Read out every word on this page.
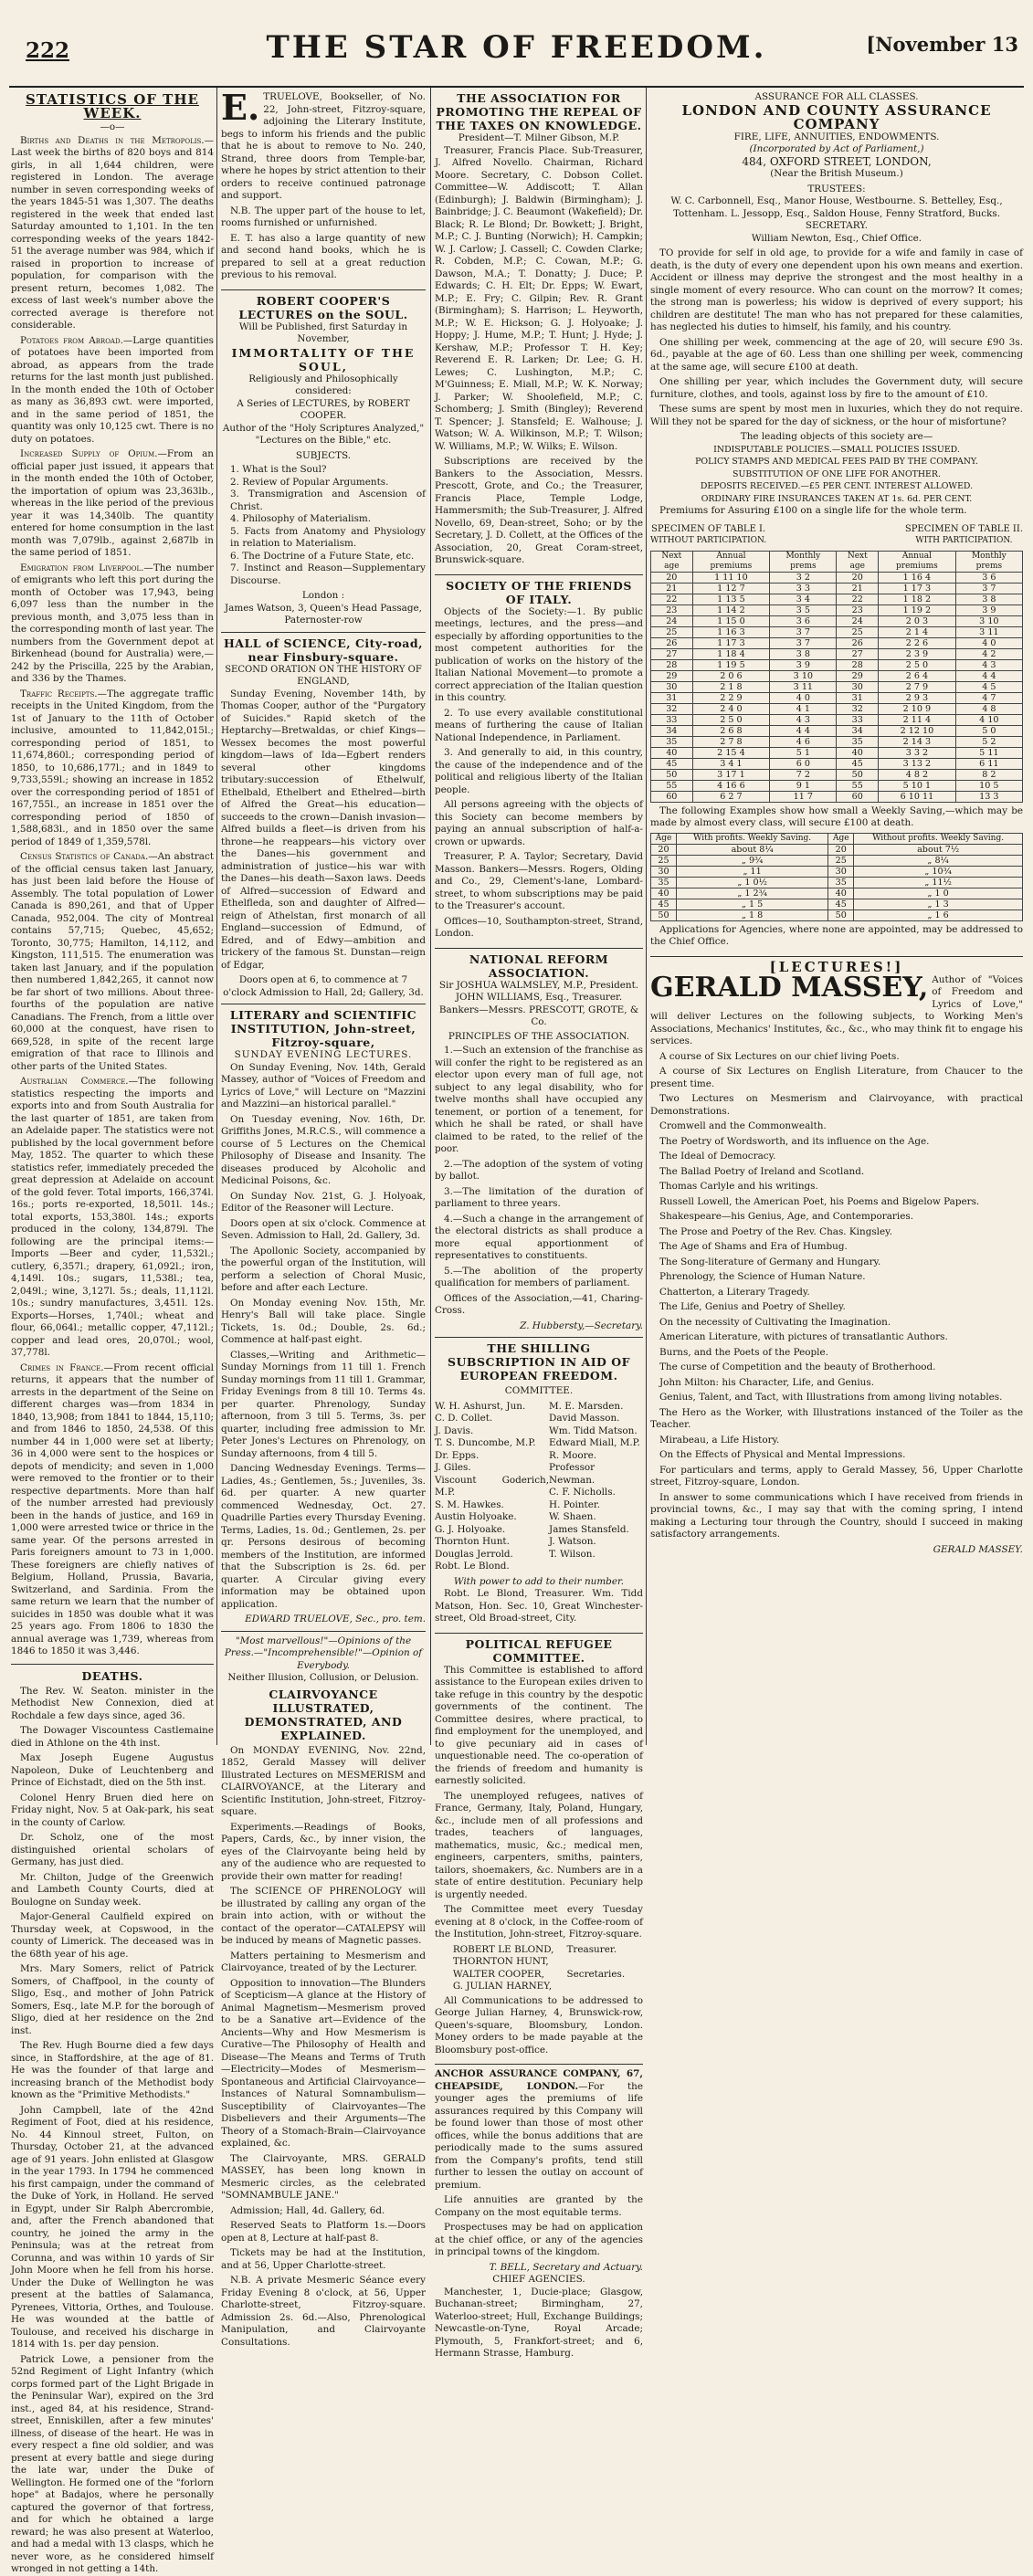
222	THE STAR OF FREEDOM.	[November 13
STATISTICS OF THE WEEK.
—o—

Births and Deaths in the Metropolis.—Last week the births of 820 boys and 814 girls, in all 1,644 children, were registered in London. The average number in seven corresponding weeks of the years 1845-51 was 1,307. The deaths registered in the week that ended last Saturday amounted to 1,101. In the ten corresponding weeks of the years 1842-51 the average number was 984, which if raised in proportion to increase of population, for comparison with the present return, becomes 1,082. The excess of last week's number above the corrected average is therefore not considerable.

Potatoes from Abroad.—Large quantities of potatoes have been imported from abroad, as appears from the trade returns for the last month just published. In the month ended the 10th of October as many as 36,893 cwt. were imported, and in the same period of 1851, the quantity was only 10,125 cwt. There is no duty on potatoes.

Increased Supply of Opium.—From an official paper just issued, it appears that in the month ended the 10th of October, the importation of opium was 23,363lb., whereas in the like period of the previous year it was 14,340lb. The quantity entered for home consumption in the last month was 7,079lb., against 2,687lb in the same period of 1851.

Emigration from Liverpool.—The number of emigrants who left this port during the month of October was 17,943, being 6,097 less than the number in the previous month, and 3,075 less than in the corresponding month of last year. The numbers from the Government depot at Birkenhead (bound for Australia) were,—242 by the Priscilla, 225 by the Arabian, and 336 by the Thames.

Traffic Receipts.—The aggregate traffic receipts in the United Kingdom, from the 1st of January to the 11th of October inclusive, amounted to 11,842,015l.; corresponding period of 1851, to 11,674,860l.; corresponding period of 1850, to 10,686,177l.; and in 1849 to 9,733,559l.; showing an increase in 1852 over the corresponding period of 1851 of 167,755l., an increase in 1851 over the corresponding period of 1850 of 1,588,683l., and in 1850 over the same period of 1849 of 1,359,578l.

Census Statistics of Canada.—An abstract of the official census taken last January, has just been laid before the House of Assembly. The total population of Lower Canada is 890,261, and that of Upper Canada, 952,004. The city of Montreal contains 57,715; Quebec, 45,652; Toronto, 30,775; Hamilton, 14,112, and Kingston, 111,515. The enumeration was taken last January, and if the population then numbered 1,842,265, it cannot now be far short of two millions. About three-fourths of the population are native Canadians. The French, from a little over 60,000 at the conquest, have risen to 669,528, in spite of the recent large emigration of that race to Illinois and other parts of the United States.

Australian Commerce.—The following statistics respecting the imports and exports into and from South Australia for the last quarter of 1851, are taken from an Adelaide paper. The statistics were not published by the local government before May, 1852. The quarter to which these statistics refer, immediately preceded the great depression at Adelaide on account of the gold fever. Total imports, 166,374l. 16s.; ports re-exported, 18,501l. 14s.; total exports, 153,380l. 14s.; exports produced in the colony, 134,879l. The following are the principal items:—Imports —Beer and cyder, 11,532l.; cutlery, 6,357l.; drapery, 61,092l.; iron, 4,149l. 10s.; sugars, 11,538l.; tea, 2,049l.; wine, 3,127l. 5s.; deals, 11,112l. 10s.; sundry manufactures, 3,451l. 12s. Exports—Horses, 1,740l.; wheat and flour, 66,064l.; metallic copper, 47,112l.; copper and lead ores, 20,070l.; wool, 37,778l.

Crimes in France.—From recent official returns, it appears that the number of arrests in the department of the Seine on different charges was—from 1834 in 1840, 13,908; from 1841 to 1844, 15,110; and from 1846 to 1850, 24,538. Of this number 44 in 1,000 were set at liberty; 36 in 4,000 were sent to the hospices or depots of mendicity; and seven in 1,000 were removed to the frontier or to their respective departments. More than half of the number arrested had previously been in the hands of justice, and 169 in 1,000 were arrested twice or thrice in the same year. Of the persons arrested in Paris foreigners amount to 73 in 1,000. These foreigners are chiefly natives of Belgium, Holland, Prussia, Bavaria, Switzerland, and Sardinia. From the same return we learn that the number of suicides in 1850 was double what it was 25 years ago. From 1806 to 1830 the annual average was 1,739, whereas from 1846 to 1850 it was 3,446.

DEATHS.

The Rev. W. Seaton. minister in the Methodist New Connexion, died at Rochdale a few days since, aged 36.

The Dowager Viscountess Castlemaine died in Athlone on the 4th inst.

Max Joseph Eugene Augustus Napoleon, Duke of Leuchtenberg and Prince of Eichstadt, died on the 5th inst.

Colonel Henry Bruen died here on Friday night, Nov. 5 at Oak-park, his seat in the county of Carlow.

Dr. Scholz, one of the most distinguished oriental scholars of Germany, has just died.

Mr. Chilton, Judge of the Greenwich and Lambeth County Courts, died at Boulogne on Sunday week.

Major-General Caulfield expired on Thursday week, at Copswood, in the county of Limerick. The deceased was in the 68th year of his age.

Mrs. Mary Somers, relict of Patrick Somers, of Chaffpool, in the county of Sligo, Esq., and mother of John Patrick Somers, Esq., late M.P. for the borough of Sligo, died at her residence on the 2nd inst.

The Rev. Hugh Bourne died a few days since, in Staffordshire, at the age of 81. He was the founder of that large and increasing branch of the Methodist body known as the "Primitive Methodists."

John Campbell, late of the 42nd Regiment of Foot, died at his residence, No. 44 Kinnoul street, Fulton, on Thursday, October 21, at the advanced age of 91 years. John enlisted at Glasgow in the year 1793. In 1794 he commenced his first campaign, under the command of the Duke of York, in Holland. He served in Egypt, under Sir Ralph Abercrombie, and, after the French abandoned that country, he joined the army in the Peninsula; was at the retreat from Corunna, and was within 10 yards of Sir John Moore when he fell from his horse. Under the Duke of Wellington he was present at the battles of Salamanca, Pyrenees, Vittoria, Orthes, and Toulouse. He was wounded at the battle of Toulouse, and received his discharge in 1814 with 1s. per day pension.

Patrick Lowe, a pensioner from the 52nd Regiment of Light Infantry (which corps formed part of the Light Brigade in the Peninsular War), expired on the 3rd inst., aged 84, at his residence, Strand-street, Enniskillen, after a few minutes' illness, of disease of the heart. He was in every respect a fine old soldier, and was present at every battle and siege during the late war, under the Duke of Wellington. He formed one of the "forlorn hope" at Badajos, where he personally captured the governor of that fortress, and for which he obtained a large reward; he was also present at Waterloo, and had a medal with 13 clasps, which he never wore, as he considered himself wronged in not getting a 14th.

E. TRUELOVE, Bookseller, of No. 22, John-street, Fitzroy-square, adjoining the Literary Institute, begs to inform his friends and the public that he is about to remove to No. 240, Strand, three doors from Temple-bar, where he hopes by strict attention to their orders to receive continued patronage and support.

N.B. The upper part of the house to let, rooms furnished or unfurnished.

E. T. has also a large quantity of new and second hand books, which he is prepared to sell at a great reduction previous to his removal.

ROBERT COOPER'S LECTURES on the SOUL.
Will be Published, first Saturday in November,
IMMORTALITY OF THE SOUL,
Religiously and Philosophically considered:
A Series of LECTURES, by ROBERT COOPER.
Author of the "Holy Scriptures Analyzed," "Lectures on the Bible," etc.
SUBJECTS.
1. What is the Soul?
2. Review of Popular Arguments.
3. Transmigration and Ascension of Christ.
4. Philosophy of Materialism.
5. Facts from Anatomy and Physiology in relation to Materialism.
6. The Doctrine of a Future State, etc.
7. Instinct and Reason—Supplementary Discourse.
London :
James Watson, 3, Queen's Head Passage, Paternoster-row
HALL of SCIENCE, City-road, near Finsbury-square.
SECOND ORATION ON THE HISTORY OF ENGLAND,

Sunday Evening, November 14th, by Thomas Cooper, author of the "Purgatory of Suicides." Rapid sketch of the Heptarchy—Bretwaldas, or chief Kings—Wessex becomes the most powerful kingdom—laws of Ida—Egbert renders several other kingdoms tributary:succession of Ethelwulf, Ethelbald, Ethelbert and Ethelred—birth of Alfred the Great—his education—succeeds to the crown—Danish invasion—Alfred builds a fleet—is driven from his throne—he reappears—his victory over the Danes—his government and administration of justice—his war with the Danes—his death—Saxon laws. Deeds of Alfred—succession of Edward and Ethelfleda, son and daughter of Alfred—reign of Athelstan, first monarch of all England—succession of Edmund, of Edred, and of Edwy—ambition and trickery of the famous St. Dunstan—reign of Edgar,

Doors open at 6, to commence at 7 o'clock Admission to Hall, 2d; Gallery, 3d.
LITERARY and SCIENTIFIC INSTITUTION, John-street, Fitzroy-square,
SUNDAY EVENING LECTURES.

On Sunday Evening, Nov. 14th, Gerald Massey, author of "Voices of Freedom and Lyrics of Love," will Lecture on "Mazzini and Mazzini—an historical parallel."

On Tuesday evening, Nov. 16th, Dr. Griffiths Jones, M.R.C.S., will commence a course of 5 Lectures on the Chemical Philosophy of Disease and Insanity. The diseases produced by Alcoholic and Medicinal Poisons, &c.

On Sunday Nov. 21st, G. J. Holyoak, Editor of the Reasoner will Lecture.

Doors open at six o'clock. Commence at Seven. Admission to Hall, 2d. Gallery, 3d.

The Apollonic Society, accompanied by the powerful organ of the Institution, will perform a selection of Choral Music, before and after each Lecture.

On Monday evening Nov. 15th, Mr. Henry's Ball will take place. Single Tickets, 1s. 0d.; Double, 2s. 6d.; Commence at half-past eight.

Classes,—Writing and Arithmetic—Sunday Mornings from 11 till 1. French Sunday mornings from 11 till 1. Grammar, Friday Evenings from 8 till 10. Terms 4s. per quarter. Phrenology, Sunday afternoon, from 3 till 5. Terms, 3s. per quarter, including free admission to Mr. Peter Jones's Lectures on Phrenology, on Sunday afternoons, from 4 till 5.

Dancing Wednesday Evenings. Terms—Ladies, 4s.; Gentlemen, 5s.; Juveniles, 3s. 6d. per quarter. A new quarter commenced Wednesday, Oct. 27. Quadrille Parties every Thursday Evening. Terms, Ladies, 1s. 0d.; Gentlemen, 2s. per qr. Persons desirous of becoming members of the Institution, are informed that the Subscription is 2s. 6d. per quarter. A Circular giving every information may be obtained upon application.

EDWARD TRUELOVE, Sec., pro. tem.
"Most marvellous!"—Opinions of the Press.—"Incomprehensible!"—Opinion of Everybody.
Neither Illusion, Collusion, or Delusion.
CLAIRVOYANCE ILLUSTRATED, DEMONSTRATED, AND EXPLAINED.

On MONDAY EVENING, Nov. 22nd, 1852, Gerald Massey will deliver Illustrated Lectures on MESMERISM and CLAIRVOYANCE, at the Literary and Scientific Institution, John-street, Fitzroy-square.

Experiments.—Readings of Books, Papers, Cards, &c., by inner vision, the eyes of the Clairvoyante being held by any of the audience who are requested to provide their own matter for reading!

The SCIENCE OF PHRENOLOGY will be illustrated by calling any organ of the brain into action, with or without the contact of the operator—CATALEPSY will be induced by means of Magnetic passes.

Matters pertaining to Mesmerism and Clairvoyance, treated of by the Lecturer.

Opposition to innovation—The Blunders of Scepticism—A glance at the History of Animal Magnetism—Mesmerism proved to be a Sanative art—Evidence of the Ancients—Why and How Mesmerism is Curative—The Philosophy of Health and Disease—The Means and Terms of Truth—Electricity—Modes of Mesmerism—Spontaneous and Artificial Clairvoyance—Instances of Natural Somnambulism—Susceptibility of Clairvoyantes—The Disbelievers and their Arguments—The Theory of a Stomach-Brain—Clairvoyance explained, &c.

The Clairvoyante, MRS. GERALD MASSEY, has been long known in Mesmeric circles, as the celebrated "SOMNAMBULE JANE."

Admission; Hall, 4d. Gallery, 6d.

Reserved Seats to Platform 1s.—Doors open at 8, Lecture at half-past 8.

Tickets may be had at the Institution, and at 56, Upper Charlotte-street.

N.B. A private Mesmeric Séance every Friday Evening 8 o'clock, at 56, Upper Charlotte-street, Fitzroy-square. Admission 2s. 6d.—Also, Phrenological Manipulation, and Clairvoyante Consultations.

THE ASSOCIATION FOR PROMOTING THE REPEAL OF THE TAXES ON KNOWLEDGE.
President—T. Milner Gibson, M.P.

Treasurer, Francis Place. Sub-Treasurer, J. Alfred Novello. Chairman, Richard Moore. Secretary, C. Dobson Collet. Committee—W. Addiscott; T. Allan (Edinburgh); J. Baldwin (Birmingham); J. Bainbridge; J. C. Beaumont (Wakefield); Dr. Black; R. Le Blond; Dr. Bowkett; J. Bright, M.P.; C. J. Bunting (Norwich); H. Campkin; W. J. Carlow; J. Cassell; C. Cowden Clarke; R. Cobden, M.P.; C. Cowan, M.P.; G. Dawson, M.A.; T. Donatty; J. Duce; P. Edwards; C. H. Elt; Dr. Epps; W. Ewart, M.P.; E. Fry; C. Gilpin; Rev. R. Grant (Birmingham); S. Harrison; L. Heyworth, M.P.; W. E. Hickson; G. J. Holyoake; J. Hoppy; J. Hume, M.P.; T. Hunt; J. Hyde; J. Kershaw, M.P.; Professor T. H. Key; Reverend E. R. Larken; Dr. Lee; G. H. Lewes; C. Lushington, M.P.; C. M'Guinness; E. Miall, M.P.; W. K. Norway; J. Parker; W. Shoolefield, M.P.; C. Schomberg; J. Smith (Bingley); Reverend T. Spencer; J. Stansfeld; E. Walhouse; J. Watson; W. A. Wilkinson, M.P.; T. Wilson; W. Williams, M.P.; W. Wilks; E. Wilson.

Subscriptions are received by the Bankers to the Association, Messrs. Prescott, Grote, and Co.; the Treasurer, Francis Place, Temple Lodge, Hammersmith; the Sub-Treasurer, J. Alfred Novello, 69, Dean-street, Soho; or by the Secretary, J. D. Collett, at the Offices of the Association, 20, Great Coram-street, Brunswick-square.

SOCIETY OF THE FRIENDS OF ITALY.

Objects of the Society:—1. By public meetings, lectures, and the press—and especially by affording opportunities to the most competent authorities for the publication of works on the history of the Italian National Movement—to promote a correct appreciation of the Italian question in this country.

2. To use every available constitutional means of furthering the cause of Italian National Independence, in Parliament.

3. And generally to aid, in this country, the cause of the independence and of the political and religious liberty of the Italian people.

All persons agreeing with the objects of this Society can become members by paying an annual subscription of half-a-crown or upwards.

Treasurer, P. A. Taylor; Secretary, David Masson. Bankers—Messrs. Rogers, Olding and Co., 29, Clement's-lane, Lombard-street, to whom subscriptions may be paid to the Treasurer's account.

Offices—10, Southampton-street, Strand, London.

NATIONAL REFORM ASSOCIATION.
Sir JOSHUA WALMSLEY, M.P., President.
JOHN WILLIAMS, Esq., Treasurer.
Bankers—Messrs. PRESCOTT, GROTE, & Co.
PRINCIPLES OF THE ASSOCIATION.

1.—Such an extension of the franchise as will confer the right to be registered as an elector upon every man of full age, not subject to any legal disability, who for twelve months shall have occupied any tenement, or portion of a tenement, for which he shall be rated, or shall have claimed to be rated, to the relief of the poor.

2.—The adoption of the system of voting by ballot.

3.—The limitation of the duration of parliament to three years.

4.—Such a change in the arrangement of the electoral districts as shall produce a more equal apportionment of representatives to constituents.

5.—The abolition of the property qualification for members of parliament.

Offices of the Association,—41, Charing-Cross.

Z. Hubbersty,—Secretary.
THE SHILLING SUBSCRIPTION IN AID OF EUROPEAN FREEDOM.
COMMITTEE.
W. H. Ashurst, Jun.
C. D. Collet.
J. Davis.
T. S. Duncombe, M.P.
Dr. Epps.
J. Giles.
Viscount Goderich, M.P.
S. M. Hawkes.
Austin Holyoake.
G. J. Holyoake.
Thornton Hunt.
Douglas Jerrold.
Robt. Le Blond.
M. E. Marsden.
David Masson.
Wm. Tidd Matson.
Edward Miall, M.P.
R. Moore.
Professor Newman.
C. F. Nicholls.
H. Pointer.
W. Shaen.
James Stansfeld.
J. Watson.
T. Wilson.
With power to add to their number.

Robt. Le Blond, Treasurer. Wm. Tidd Matson, Hon. Sec. 10, Great Winchester-street, Old Broad-street, City.

POLITICAL REFUGEE COMMITTEE.

This Committee is established to afford assistance to the European exiles driven to take refuge in this country by the despotic governments of the continent. The Committee desires, where practical, to find employment for the unemployed, and to give pecuniary aid in cases of unquestionable need. The co-operation of the friends of freedom and humanity is earnestly solicited.

The unemployed refugees, natives of France, Germany, Italy, Poland, Hungary, &c., include men of all professions and trades, teachers of languages, mathematics, music, &c.; medical men, engineers, carpenters, smiths, painters, tailors, shoemakers, &c. Numbers are in a state of entire destitution. Pecuniary help is urgently needed.

The Committee meet every Tuesday evening at 8 o'clock, in the Coffee-room of the Institution, John-street, Fitzroy-square.

ROBERT LE BLOND,
THORNTON HUNT,
WALTER COOPER,
G. JULIAN HARNEY,
Treasurer.
Secretaries.

All Communications to be addressed to George Julian Harney, 4, Brunswick-row, Queen's-square, Bloomsbury, London. Money orders to be made payable at the Bloomsbury post-office.

ANCHOR ASSURANCE COMPANY, 67, CHEAPSIDE, LONDON.—For the younger ages the premiums of life assurances required by this Company will be found lower than those of most other offices, while the bonus additions that are periodically made to the sums assured from the Company's profits, tend still further to lessen the outlay on account of premium.

Life annuities are granted by the Company on the most equitable terms.

Prospectuses may be had on application at the chief office, or any of the agencies in principal towns of the kingdom.

T. BELL, Secretary and Actuary.
CHIEF AGENCIES.

Manchester, 1, Ducie-place; Glasgow, Buchanan-street; Birmingham, 27, Waterloo-street; Hull, Exchange Buildings; Newcastle-on-Tyne, Royal Arcade; Plymouth, 5, Frankfort-street; and 6, Hermann Strasse, Hamburg.

ASSURANCE FOR ALL CLASSES.
LONDON AND COUNTY ASSURANCE COMPANY
FIRE, LIFE, ANNUITIES, ENDOWMENTS.
(Incorporated by Act of Parliament,)
484, OXFORD STREET, LONDON,
(Near the British Museum.)
TRUSTEES:
W. C. Carbonnell, Esq., Manor House, Westbourne. S. Bettelley, Esq., Tottenham. L. Jessopp, Esq., Saldon House, Fenny Stratford, Bucks.
SECRETARY.
William Newton, Esq., Chief Office.

TO provide for self in old age, to provide for a wife and family in case of death, is the duty of every one dependent upon his own means and exertion. Accident or illness may deprive the strongest and the most healthy in a single moment of every resource. Who can count on the morrow? It comes; the strong man is powerless; his widow is deprived of every support; his children are destitute! The man who has not prepared for these calamities, has neglected his duties to himself, his family, and his country.

One shilling per week, commencing at the age of 20, will secure £90 3s. 6d., payable at the age of 60. Less than one shilling per week, commencing at the same age, will secure £100 at death.

One shilling per year, which includes the Government duty, will secure furniture, clothes, and tools, against loss by fire to the amount of £10.

These sums are spent by most men in luxuries, which they do not require. Will they not be spared for the day of sickness, or the hour of misfortune?

The leading objects of this society are—
INDISPUTABLE POLICIES.—SMALL POLICIES ISSUED.
POLICY STAMPS AND MEDICAL FEES PAID BY THE COMPANY.
SUBSTITUTION OF ONE LIFE FOR ANOTHER.
DEPOSITS RECEIVED.—£5 PER CENT. INTEREST ALLOWED.
ORDINARY FIRE INSURANCES TAKEN AT 1s. 6d. PER CENT.

Premiums for Assuring £100 on a single life for the whole term.

SPECIMEN OF TABLE I.
WITHOUT PARTICIPATION.
SPECIMEN OF TABLE II.
WITH PARTICIPATION.
Next age	Annual premiums	Monthly prems	Next age	Annual premiums	Monthly prems
20	1 11 10	3 2	20	1 16 4	3 6
21	1 12 7	3 3	21	1 17 3	3 7
22	1 13 5	3 4	22	1 18 2	3 8
23	1 14 2	3 5	23	1 19 2	3 9
24	1 15 0	3 6	24	2 0 3	3 10
25	1 16 3	3 7	25	2 1 4	3 11
26	1 17 3	3 7	26	2 2 6	4 0
27	1 18 4	3 8	27	2 3 9	4 2
28	1 19 5	3 9	28	2 5 0	4 3
29	2 0 6	3 10	29	2 6 4	4 4
30	2 1 8	3 11	30	2 7 9	4 5
31	2 2 9	4 0	31	2 9 3	4 7
32	2 4 0	4 1	32	2 10 9	4 8
33	2 5 0	4 3	33	2 11 4	4 10
34	2 6 8	4 4	34	2 12 10	5 0
35	2 7 8	4 6	35	2 14 3	5 2
40	2 15 4	5 1	40	3 3 2	5 11
45	3 4 1	6 0	45	3 13 2	6 11
50	3 17 1	7 2	50	4 8 2	8 2
55	4 16 6	9 1	55	5 10 1	10 5
60	6 2 7	11 7	60	6 10 11	13 3

The following Examples show how small a Weekly Saving,—which may be made by almost every class, will secure £100 at death.

Age	With profits. Weekly Saving.	Age	Without profits. Weekly Saving.
20	about 8¼	20	about 7½
25	„ 9¾	25	„ 8¼
30	„ 11	30	„ 10¾
35	„ 1 0½	35	„ 11½
40	„ 1 2¾	40	„ 1 0
45	„ 1 5	45	„ 1 3
50	„ 1 8	50	„ 1 6

Applications for Agencies, where none are appointed, may be addressed to the Chief Office.

[LECTURES!]

GERALD MASSEY, Author of "Voices of Freedom and Lyrics of Love," will deliver Lectures on the following subjects, to Working Men's Associations, Mechanics' Institutes, &c., &c., who may think fit to engage his services.

A course of Six Lectures on our chief living Poets.

A course of Six Lectures on English Literature, from Chaucer to the present time.

Two Lectures on Mesmerism and Clairvoyance, with practical Demonstrations.

Cromwell and the Commonwealth.

The Poetry of Wordsworth, and its influence on the Age.

The Ideal of Democracy.

The Ballad Poetry of Ireland and Scotland.

Thomas Carlyle and his writings.

Russell Lowell, the American Poet, his Poems and Bigelow Papers.

Shakespeare—his Genius, Age, and Contemporaries.

The Prose and Poetry of the Rev. Chas. Kingsley.

The Age of Shams and Era of Humbug.

The Song-literature of Germany and Hungary.

Phrenology, the Science of Human Nature.

Chatterton, a Literary Tragedy.

The Life, Genius and Poetry of Shelley.

On the necessity of Cultivating the Imagination.

American Literature, with pictures of transatlantic Authors.

Burns, and the Poets of the People.

The curse of Competition and the beauty of Brotherhood.

John Milton: his Character, Life, and Genius.

Genius, Talent, and Tact, with Illustrations from among living notables.

The Hero as the Worker, with Illustrations instanced of the Toiler as the Teacher.

Mirabeau, a Life History.

On the Effects of Physical and Mental Impressions.

For particulars and terms, apply to Gerald Massey, 56, Upper Charlotte street, Fitzroy-square, London.

In answer to some communications which I have received from friends in provincial towns, &c., I may say that with the coming spring, I intend making a Lecturing tour through the Country, should I succeed in making satisfactory arrangements.

GERALD MASSEY.
